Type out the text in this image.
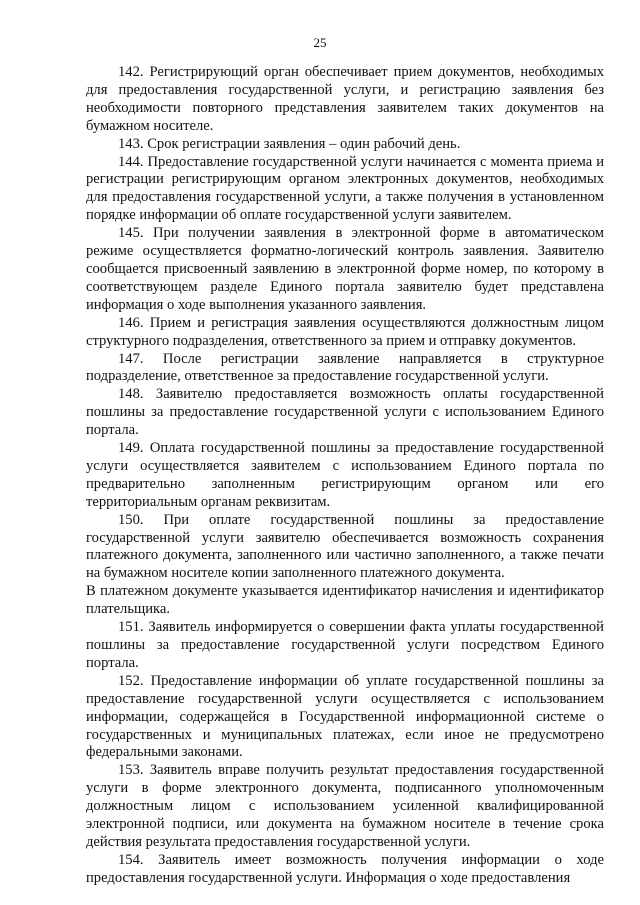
25

142. Регистрирующий орган обеспечивает прием документов, необходимых для предоставления государственной услуги, и регистрацию заявления без необходимости повторного представления заявителем таких документов на бумажном носителе.

143. Срок регистрации заявления – один рабочий день.

144. Предоставление государственной услуги начинается с момента приема и регистрации регистрирующим органом электронных документов, необходимых для предоставления государственной услуги, а также получения в установленном порядке информации об оплате государственной услуги заявителем.

145. При получении заявления в электронной форме в автоматическом режиме осуществляется форматно-логический контроль заявления. Заявителю сообщается присвоенный заявлению в электронной форме номер, по которому в соответствующем разделе Единого портала заявителю будет представлена информация о ходе выполнения указанного заявления.

146. Прием и регистрация заявления осуществляются должностным лицом структурного подразделения, ответственного за прием и отправку документов.

147. После регистрации заявление направляется в структурное подразделение, ответственное за предоставление государственной услуги.

148. Заявителю предоставляется возможность оплаты государственной пошлины за предоставление государственной услуги с использованием Единого портала.

149. Оплата государственной пошлины за предоставление государственной услуги осуществляется заявителем с использованием Единого портала по предварительно заполненным регистрирующим органом или его территориальным органам реквизитам.

150. При оплате государственной пошлины за предоставление государственной услуги заявителю обеспечивается возможность сохранения платежного документа, заполненного или частично заполненного, а также печати на бумажном носителе копии заполненного платежного документа.

В платежном документе указывается идентификатор начисления и идентификатор плательщика.

151. Заявитель информируется о совершении факта уплаты государственной пошлины за предоставление государственной услуги посредством Единого портала.

152. Предоставление информации об уплате государственной пошлины за предоставление государственной услуги осуществляется с использованием информации, содержащейся в Государственной информационной системе о государственных и муниципальных платежах, если иное не предусмотрено федеральными законами.

153. Заявитель вправе получить результат предоставления государственной услуги в форме электронного документа, подписанного уполномоченным должностным лицом с использованием усиленной квалифицированной электронной подписи, или документа на бумажном носителе в течение срока действия результата предоставления государственной услуги.

154. Заявитель имеет возможность получения информации о ходе предоставления государственной услуги. Информация о ходе предоставления
